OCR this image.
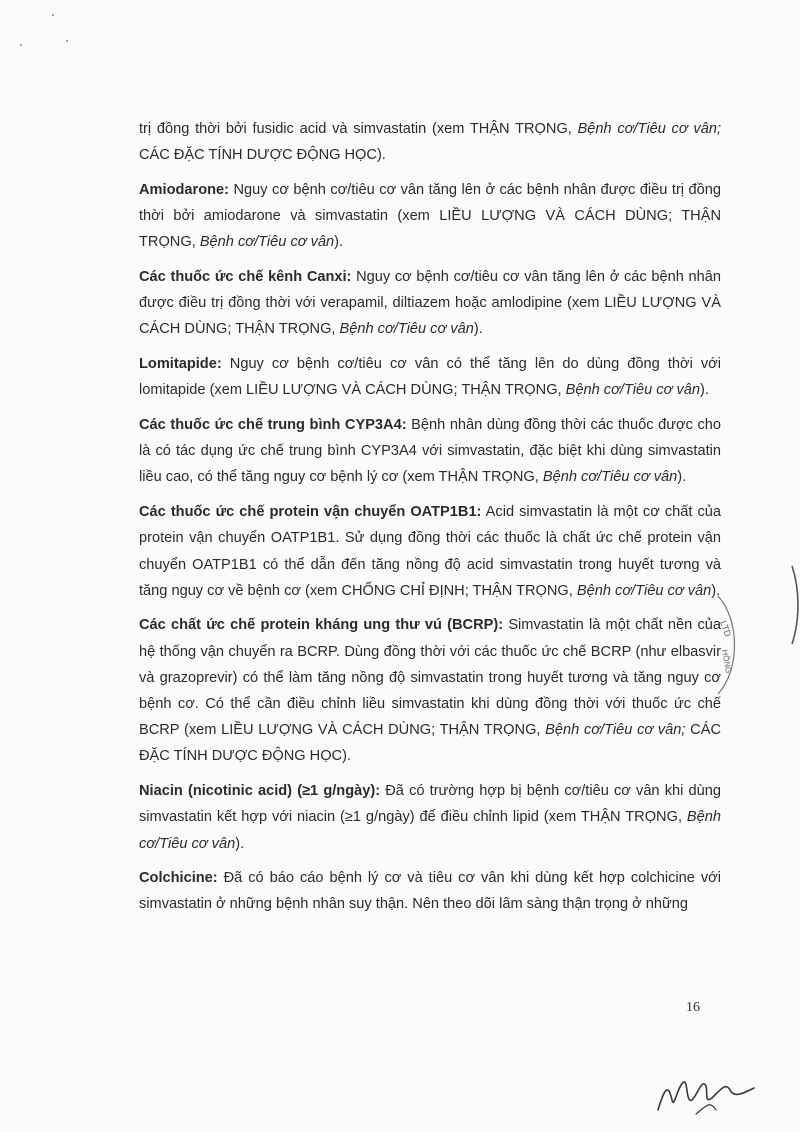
trị đồng thời bởi fusidic acid và simvastatin (xem THẬN TRỌNG, Bệnh cơ/Tiêu cơ vân; CÁC ĐẶC TÍNH DƯỢC ĐỘNG HỌC).

Amiodarone: Nguy cơ bệnh cơ/tiêu cơ vân tăng lên ở các bệnh nhân được điều trị đồng thời bởi amiodarone và simvastatin (xem LIỀU LƯỢNG VÀ CÁCH DÙNG; THẬN TRỌNG, Bệnh cơ/Tiêu cơ vân).

Các thuốc ức chế kênh Canxi: Nguy cơ bệnh cơ/tiêu cơ vân tăng lên ở các bệnh nhân được điều trị đồng thời với verapamil, diltiazem hoặc amlodipine (xem LIỀU LƯỢNG VÀ CÁCH DÙNG; THẬN TRỌNG, Bệnh cơ/Tiêu cơ vân).

Lomitapide: Nguy cơ bệnh cơ/tiêu cơ vân có thể tăng lên do dùng đồng thời với lomitapide (xem LIỀU LƯỢNG VÀ CÁCH DÙNG; THẬN TRỌNG, Bệnh cơ/Tiêu cơ vân).

Các thuốc ức chế trung bình CYP3A4: Bệnh nhân dùng đồng thời các thuốc được cho là có tác dụng ức chế trung bình CYP3A4 với simvastatin, đặc biệt khi dùng simvastatin liều cao, có thể tăng nguy cơ bệnh lý cơ (xem THẬN TRỌNG, Bệnh cơ/Tiêu cơ vân).

Các thuốc ức chế protein vận chuyển OATP1B1: Acid simvastatin là một cơ chất của protein vận chuyển OATP1B1. Sử dụng đồng thời các thuốc là chất ức chế protein vận chuyển OATP1B1 có thể dẫn đến tăng nồng độ acid simvastatin trong huyết tương và tăng nguy cơ về bệnh cơ (xem CHỐNG CHỈ ĐỊNH; THẬN TRỌNG, Bệnh cơ/Tiêu cơ vân).

Các chất ức chế protein kháng ung thư vú (BCRP): Simvastatin là một chất nền của hệ thống vận chuyển ra BCRP. Dùng đồng thời với các thuốc ức chế BCRP (như elbasvir và grazoprevir) có thể làm tăng nồng độ simvastatin trong huyết tương và tăng nguy cơ bệnh cơ. Có thể cần điều chỉnh liều simvastatin khi dùng đồng thời với thuốc ức chế BCRP (xem LIỀU LƯỢNG VÀ CÁCH DÙNG; THẬN TRỌNG, Bệnh cơ/Tiêu cơ vân; CÁC ĐẶC TÍNH DƯỢC ĐỘNG HỌC).

Niacin (nicotinic acid) (≥1 g/ngày): Đã có trường hợp bị bệnh cơ/tiêu cơ vân khi dùng simvastatin kết hợp với niacin (≥1 g/ngày) để điều chỉnh lipid (xem THẬN TRỌNG, Bệnh cơ/Tiêu cơ vân).

Colchicine: Đã có báo cáo bệnh lý cơ và tiêu cơ vân khi dùng kết hợp colchicine với simvastatin ở những bệnh nhân suy thận. Nên theo dõi lâm sàng thận trọng ở những

LTD
HỒNG
16
